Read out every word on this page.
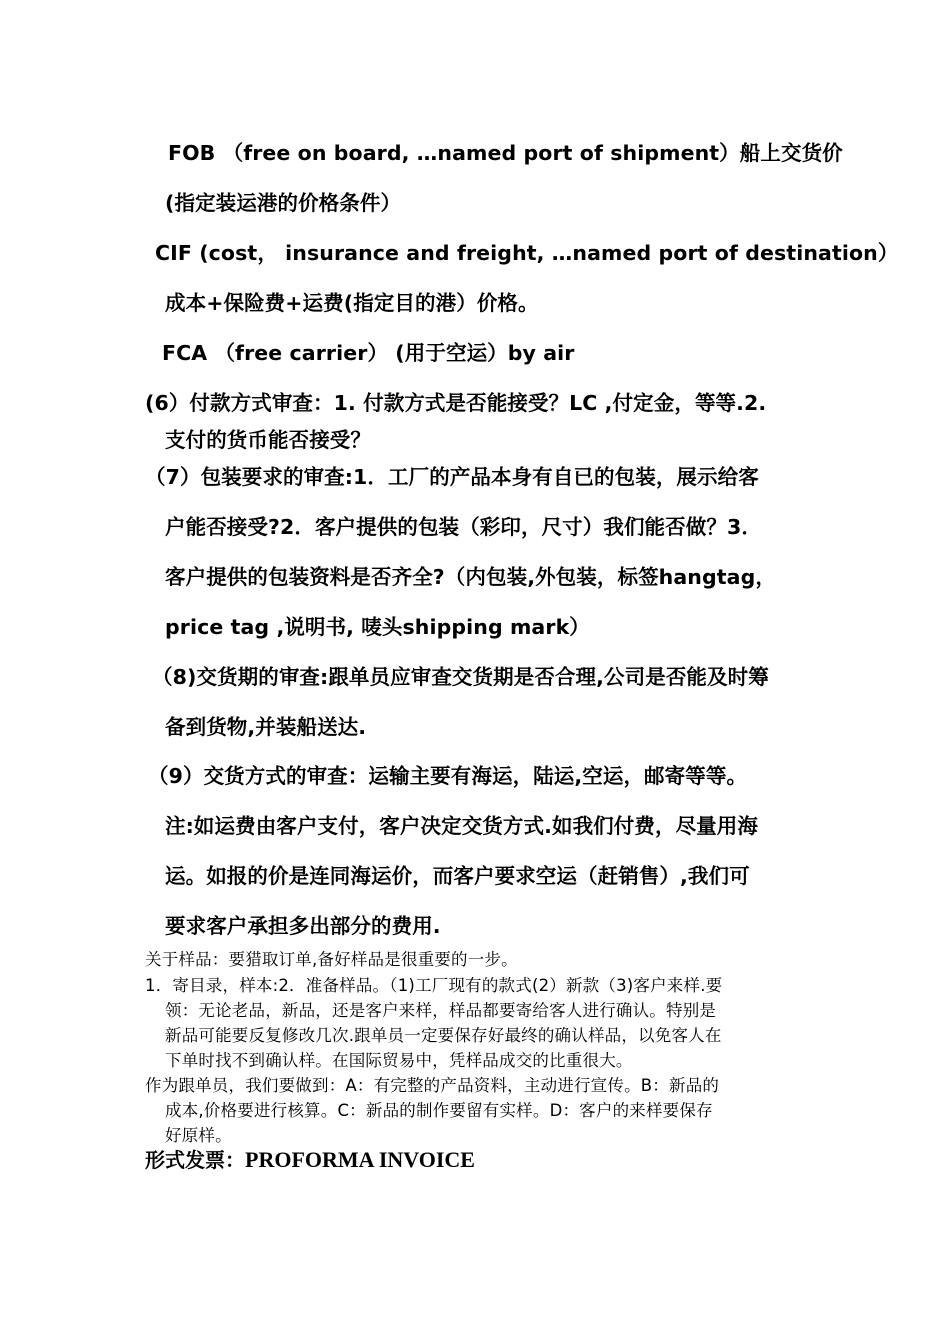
FOB （free on board, …named port of shipment）船上交货价
(指定装运港的价格条件）
CIF (cost， insurance and freight, …named port of destination）
成本+保险费+运费(指定目的港）价格。
FCA （free carrier） (用于空运）by air
(6）付款方式审查：1. 付款方式是否能接受？LC ,付定金，等等.2.
支付的货币能否接受？
（7）包装要求的审查:1．工厂的产品本身有自已的包装，展示给客
户能否接受?2．客户提供的包装（彩印，尺寸）我们能否做？3．
客户提供的包装资料是否齐全?（内包装,外包装，标签hangtag，
price tag ,说明书, 唛头shipping mark）
（8)交货期的审查:跟单员应审查交货期是否合理,公司是否能及时筹
备到货物,并装船送达.
（9）交货方式的审查：运输主要有海运，陆运,空运，邮寄等等。
注:如运费由客户支付，客户决定交货方式.如我们付费，尽量用海
运。如报的价是连同海运价，而客户要求空运（赶销售）,我们可
要求客户承担多出部分的费用.
关于样品：要猎取订单,备好样品是很重要的一步。
1．寄目录，样本:2．准备样品。（1)工厂现有的款式(2）新款（3)客户来样.要
领：无论老品，新品，还是客户来样，样品都要寄给客人进行确认。特别是
新品可能要反复修改几次.跟单员一定要保存好最终的确认样品，以免客人在
下单时找不到确认样。在国际贸易中，凭样品成交的比重很大。
作为跟单员，我们要做到：A：有完整的产品资料，主动进行宣传。B：新品的
成本,价格要进行核算。C：新品的制作要留有实样。D：客户的来样要保存
好原样。
形式发票：PROFORMA INVOICE
